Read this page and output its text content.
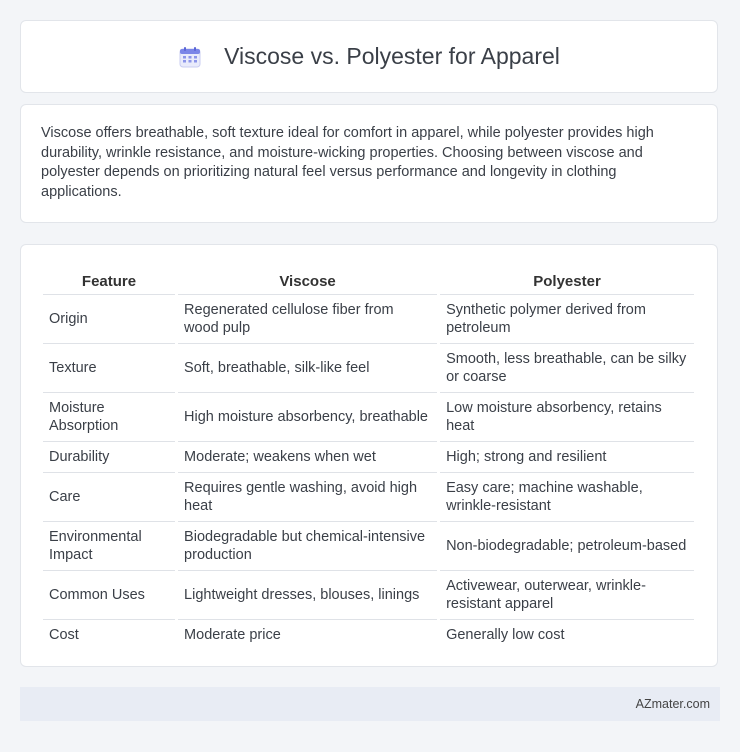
Viscose vs. Polyester for Apparel

Viscose offers breathable, soft texture ideal for comfort in apparel, while polyester provides high durability, wrinkle resistance, and moisture-wicking properties. Choosing between viscose and polyester depends on prioritizing natural feel versus performance and longevity in clothing applications.

Feature	Viscose	Polyester
Origin	Regenerated cellulose fiber from wood pulp	Synthetic polymer derived from petroleum
Texture	Soft, breathable, silk-like feel	Smooth, less breathable, can be silky or coarse
Moisture Absorption	High moisture absorbency, breathable	Low moisture absorbency, retains heat
Durability	Moderate; weakens when wet	High; strong and resilient
Care	Requires gentle washing, avoid high heat	Easy care; machine washable, wrinkle-resistant
Environmental Impact	Biodegradable but chemical-intensive production	Non-biodegradable; petroleum-based
Common Uses	Lightweight dresses, blouses, linings	Activewear, outerwear, wrinkle-resistant apparel
Cost	Moderate price	Generally low cost
AZmater.com
